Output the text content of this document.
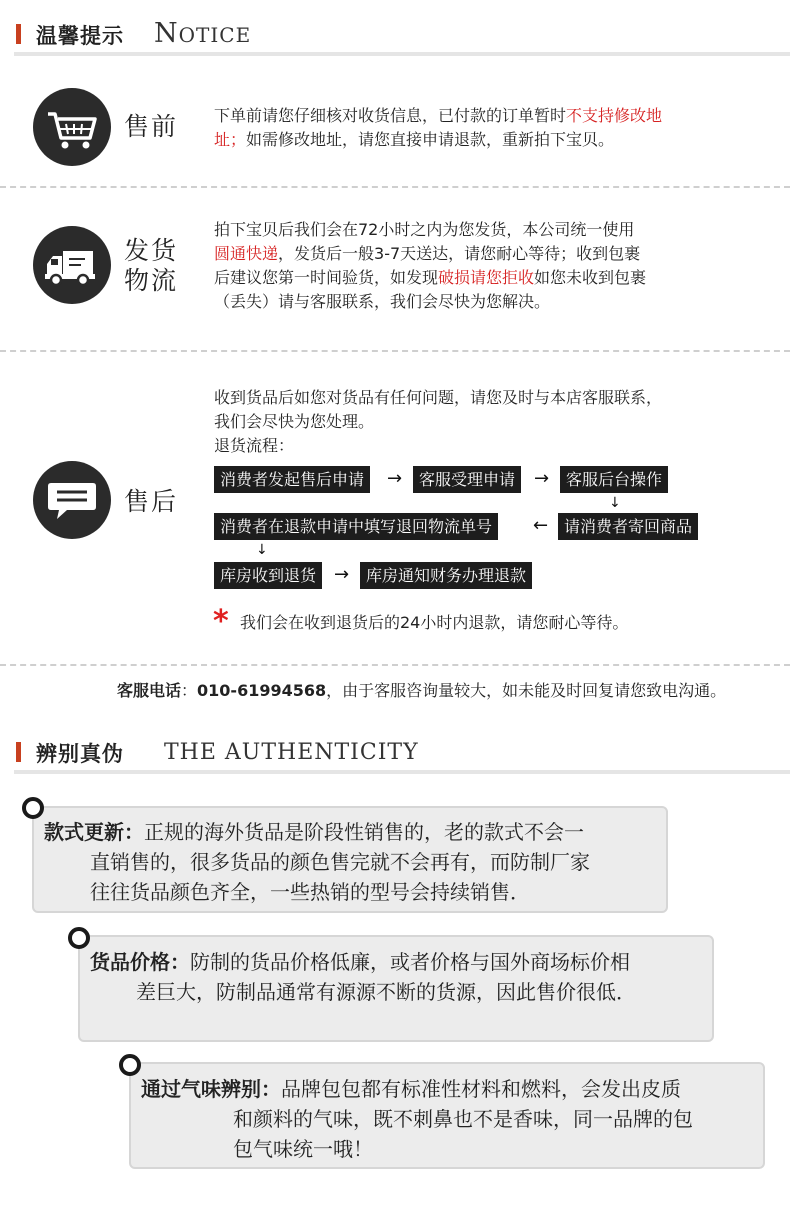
温馨提示 NOTICE
售前 下单前请您仔细核对收货信息，已付款的订单暂时不支持修改地
址；如需修改地址，请您直接申请退款，重新拍下宝贝。
发货
物流
拍下宝贝后我们会在72小时之内为您发货，本公司统一使用
圆通快递，发货后一般3-7天送达，请您耐心等待；收到包裹
后建议您第一时间验货，如发现破损请您拒收如您未收到包裹
（丢失）请与客服联系，我们会尽快为您解决。
售后
收到货品后如您对货品有任何问题，请您及时与本店客服联系，
我们会尽快为您处理。
退货流程：
消费者发起售后申请	→	客服受理申请	→	客服后台操作
↓
消费者在退款申请中填写退回物流单号	← 请消费者寄回商品
↓
库房收到退货 →	库房通知财务办理退款
* 我们会在收到退货后的24小时内退款，请您耐心等待。
客服电话：010-61994568，由于客服咨询量较大，如未能及时回复请您致电沟通。
辨别真伪 THE AUTHENTICITY
款式更新：正规的海外货品是阶段性销售的，老的款式不会一
直销售的，很多货品的颜色售完就不会再有，而防制厂家
往往货品颜色齐全，一些热销的型号会持续销售．
货品价格：防制的货品价格低廉，或者价格与国外商场标价相
差巨大，防制品通常有源源不断的货源，因此售价很低．
通过气味辨别：品牌包包都有标准性材料和燃料，会发出皮质
和颜料的气味，既不刺鼻也不是香味，同一品牌的包
包气味统一哦！
